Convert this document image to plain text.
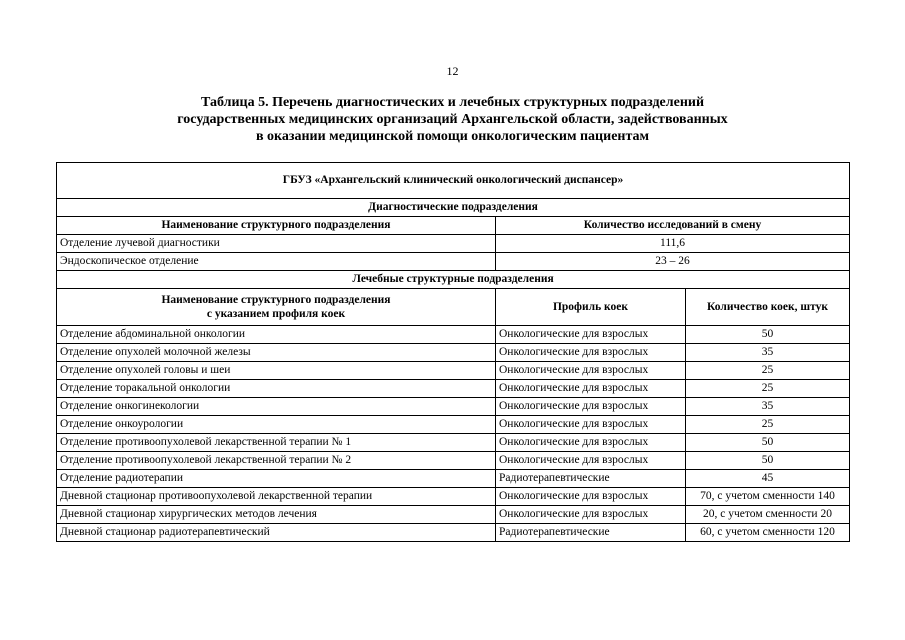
12
Таблица 5. Перечень диагностических и лечебных структурных подразделений
государственных медицинских организаций Архангельской области, задействованных
в оказании медицинской помощи онкологическим пациентам
ГБУЗ «Архангельский клинический онкологический диспансер»		
Диагностические подразделения		
Наименование структурного подразделения	Количество исследований в смену	
Отделение лучевой диагностики	111,6	
Эндоскопическое отделение	23 – 26	
Лечебные структурные подразделения		

Наименование структурного подразделения
с указанием профиля коек	Профиль коек	Количество коек, штук
Отделение абдоминальной онкологии	Онкологические для взрослых	50
Отделение опухолей молочной железы	Онкологические для взрослых	35
Отделение опухолей головы и шеи	Онкологические для взрослых	25
Отделение торакальной онкологии	Онкологические для взрослых	25
Отделение онкогинекологии	Онкологические для взрослых	35
Отделение онкоурологии	Онкологические для взрослых	25
Отделение противоопухолевой лекарственной терапии № 1	Онкологические для взрослых	50
Отделение противоопухолевой лекарственной терапии № 2	Онкологические для взрослых	50
Отделение радиотерапии	Радиотерапевтические	45
Дневной стационар противоопухолевой лекарственной терапии	Онкологические для взрослых	70, с учетом сменности 140
Дневной стационар хирургических методов лечения	Онкологические для взрослых	20, с учетом сменности 20
Дневной стационар радиотерапевтический	Радиотерапевтические	60, с учетом сменности 120
